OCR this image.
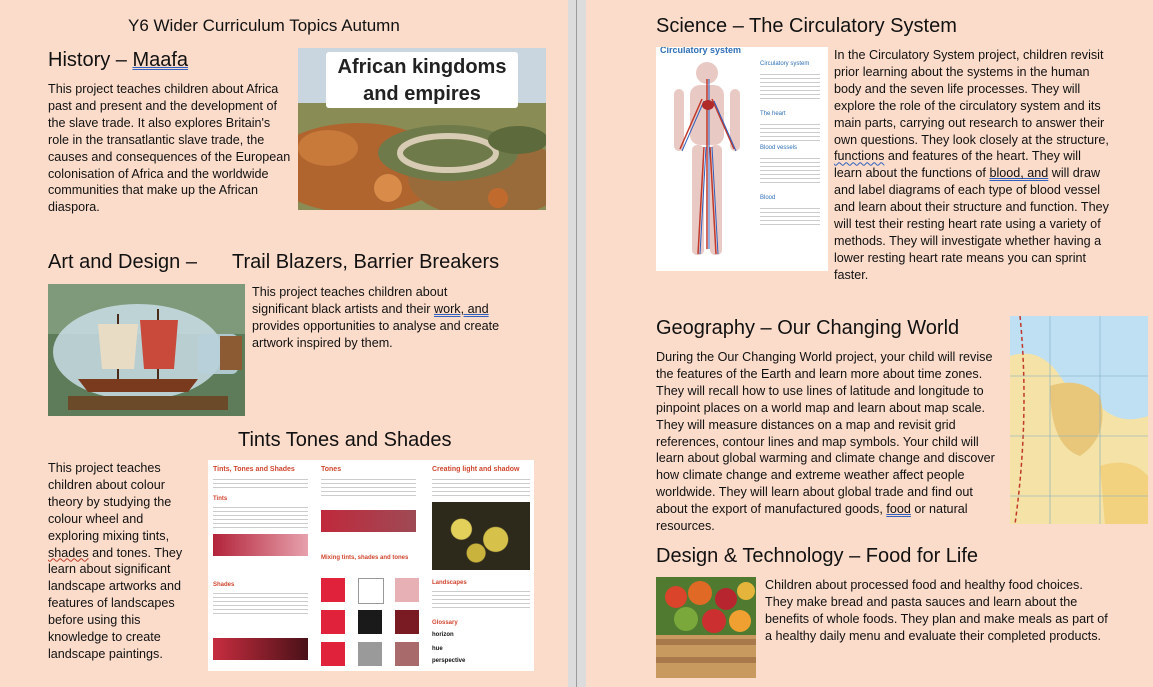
Y6 Wider Curriculum Topics Autumn
History – Maafa
This project teaches children about Africa past and present and the development of the slave trade. It also explores Britain's role in the transatlantic slave trade, the causes and consequences of the European colonisation of Africa and the worldwide communities that make up the African diaspora.
African kingdoms
and empires
Art and Design – Trail Blazers, Barrier Breakers
This project teaches children about significant black artists and their work, and provides opportunities to analyse and create artwork inspired by them.
Tints Tones and Shades
This project teaches children about colour theory by studying the colour wheel and exploring mixing tints, shades and tones. They learn about significant landscape artworks and features of landscapes before using this knowledge to create landscape paintings.
Tints, Tones and Shades
Tints
Shades
Tones
Mixing tints, shades and tones
Creating light and shadow
Landscapes
Glossary
horizon
hue
perspective
Science – The Circulatory System
Circulatory system
Circulatory system
The heart
Blood vessels
Blood
In the Circulatory System project, children revisit prior learning about the systems in the human body and the seven life processes. They will explore the role of the circulatory system and its main parts, carrying out research to answer their own questions. They look closely at the structure, functions and features of the heart. They will learn about the functions of blood, and will draw and label diagrams of each type of blood vessel and learn about their structure and function. They will test their resting heart rate using a variety of methods. They will investigate whether having a lower resting heart rate means you can sprint faster.
Geography – Our Changing World
During the Our Changing World project, your child will revise the features of the Earth and learn more about time zones. They will recall how to use lines of latitude and longitude to pinpoint places on a world map and learn about map scale. They will measure distances on a map and revisit grid references, contour lines and map symbols. Your child will learn about global warming and climate change and discover how climate change and extreme weather affect people worldwide. They will learn about global trade and find out about the export of manufactured goods, food or natural resources.
Design & Technology – Food for Life
Children about processed food and healthy food choices. They make bread and pasta sauces and learn about the benefits of whole foods. They plan and make meals as part of a healthy daily menu and evaluate their completed products.
